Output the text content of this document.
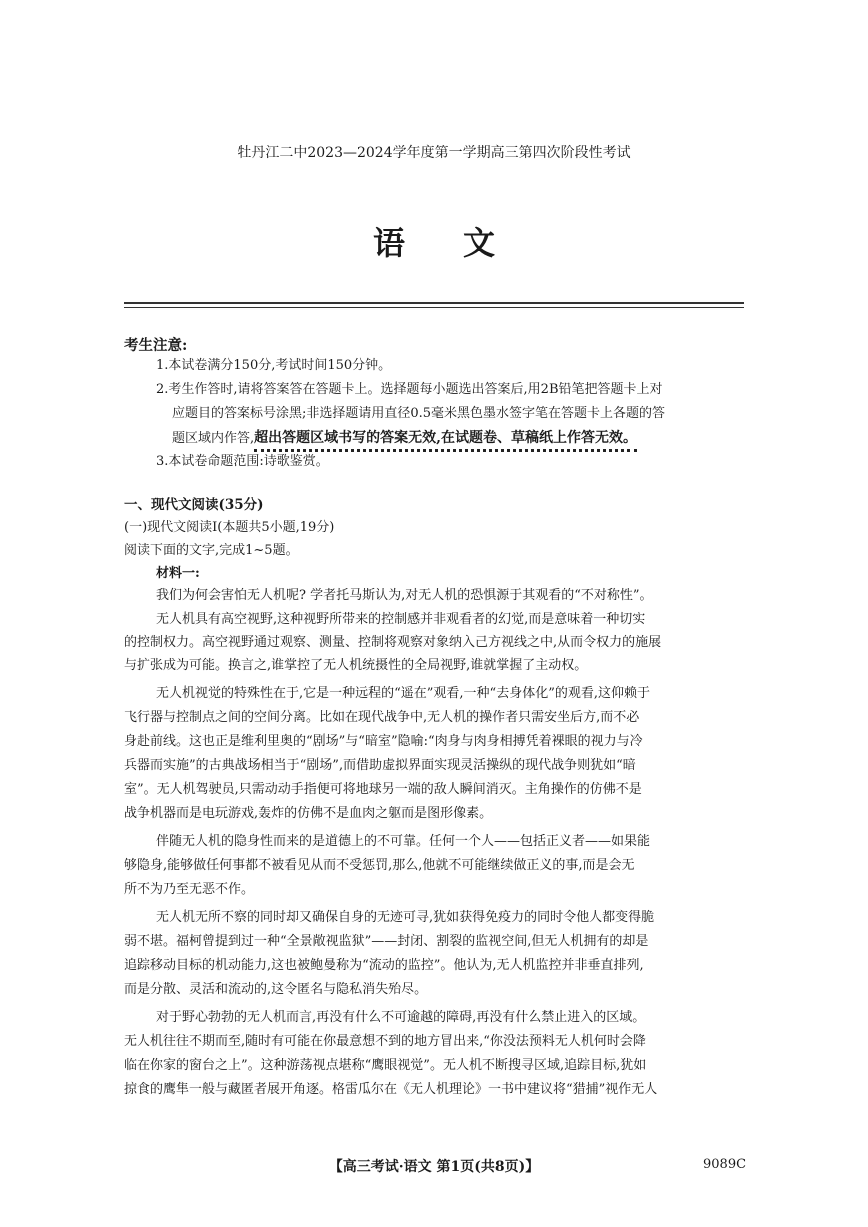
牡丹江二中2023—2024学年度第一学期高三第四次阶段性考试
语文
考生注意:
1.本试卷满分150分,考试时间150分钟。
2.考生作答时,请将答案答在答题卡上。选择题每小题选出答案后,用2B铅笔把答题卡上对
应题目的答案标号涂黑;非选择题请用直径0.5毫米黑色墨水签字笔在答题卡上各题的答
题区域内作答,超出答题区域书写的答案无效,在试题卷、草稿纸上作答无效。
3.本试卷命题范围:诗歌鉴赏。
一、现代文阅读(35分)
(一)现代文阅读Ⅰ(本题共5小题,19分)
阅读下面的文字,完成1~5题。
材料一:
我们为何会害怕无人机呢? 学者托马斯认为,对无人机的恐惧源于其观看的“不对称性”。
无人机具有高空视野,这种视野所带来的控制感并非观看者的幻觉,而是意味着一种切实
的控制权力。高空视野通过观察、测量、控制将观察对象纳入己方视线之中,从而令权力的施展
与扩张成为可能。换言之,谁掌控了无人机统摄性的全局视野,谁就掌握了主动权。
无人机视觉的特殊性在于,它是一种远程的“遥在”观看,一种“去身体化”的观看,这仰赖于
飞行器与控制点之间的空间分离。比如在现代战争中,无人机的操作者只需安坐后方,而不必
身赴前线。这也正是维利里奥的“剧场”与“暗室”隐喻:“肉身与肉身相搏凭着裸眼的视力与冷
兵器而实施”的古典战场相当于“剧场”,而借助虚拟界面实现灵活操纵的现代战争则犹如“暗
室”。无人机驾驶员,只需动动手指便可将地球另一端的敌人瞬间消灭。主角操作的仿佛不是
战争机器而是电玩游戏,轰炸的仿佛不是血肉之躯而是图形像素。
伴随无人机的隐身性而来的是道德上的不可靠。任何一个人——包括正义者——如果能
够隐身,能够做任何事都不被看见从而不受惩罚,那么,他就不可能继续做正义的事,而是会无
所不为乃至无恶不作。
无人机无所不察的同时却又确保自身的无迹可寻,犹如获得免疫力的同时令他人都变得脆
弱不堪。福柯曾提到过一种“全景敞视监狱”——封闭、割裂的监视空间,但无人机拥有的却是
追踪移动目标的机动能力,这也被鲍曼称为“流动的监控”。他认为,无人机监控并非垂直排列,
而是分散、灵活和流动的,这令匿名与隐私消失殆尽。
对于野心勃勃的无人机而言,再没有什么不可逾越的障碍,再没有什么禁止进入的区域。
无人机往往不期而至,随时有可能在你最意想不到的地方冒出来,“你没法预料无人机何时会降
临在你家的窗台之上”。这种游荡视点堪称“鹰眼视觉”。无人机不断搜寻区域,追踪目标,犹如
掠食的鹰隼一般与藏匿者展开角逐。格雷瓜尔在《无人机理论》一书中建议将“猎捕”视作无人
【高三考试·语文 第1页(共8页)】	9089C
